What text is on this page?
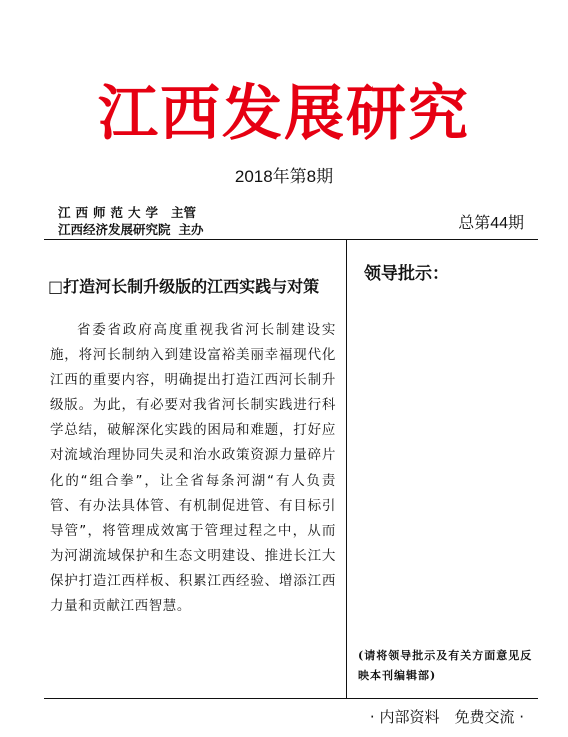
江西发展研究
2018年第8期
江西师范大学 主管
江西经济发展研究院 主办	总第44期
□打造河长制升级版的江西实践与对策

省委省政府高度重视我省河长制建设实施，将河长制纳入到建设富裕美丽幸福现代化江西的重要内容，明确提出打造江西河长制升级版。为此，有必要对我省河长制实践进行科学总结，破解深化实践的困局和难题，打好应对流域治理协同失灵和治水政策资源力量碎片化的“组合拳”，让全省每条河湖“有人负责管、有办法具体管、有机制促进管、有目标引导管”，将管理成效寓于管理过程之中，从而为河湖流域保护和生态文明建设、推进长江大保护打造江西样板、积累江西经验、增添江西力量和贡献江西智慧。

领导批示：
(请将领导批示及有关方面意见反映本刊编辑部)
· 内部资料　免费交流 ·
